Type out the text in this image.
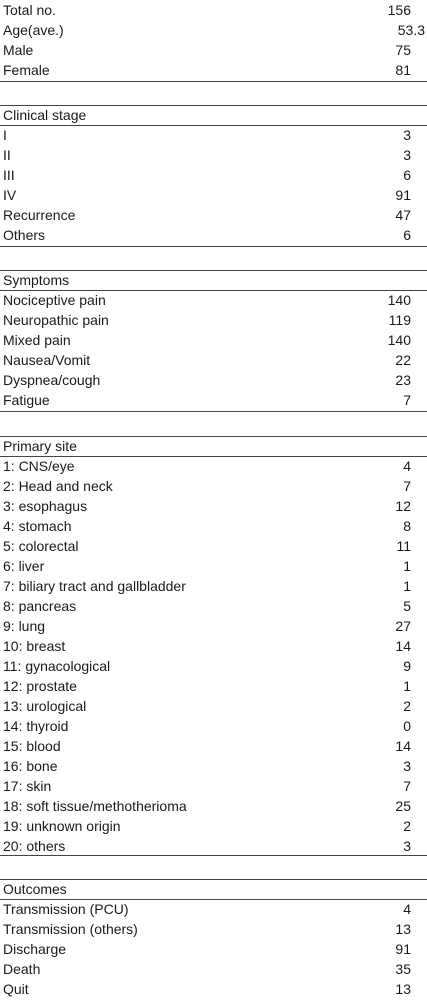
Total no.	156
Age(ave.)	53.3
Male	75
Female	81
Clinical stage
I	3
II	3
III	6
IV	91
Recurrence	47
Others	6
Symptoms
Nociceptive pain	140
Neuropathic pain	119
Mixed pain	140
Nausea/Vomit	22
Dyspnea/cough	23
Fatigue	7
Primary site
1: CNS/eye	4
2: Head and neck	7
3: esophagus	12
4: stomach	8
5: colorectal	11
6: liver	1
7: biliary tract and gallbladder	1
8: pancreas	5
9: lung	27
10: breast	14
11: gynacological	9
12: prostate	1
13: urological	2
14: thyroid	0
15: blood	14
16: bone	3
17: skin	7
18: soft tissue/methotherioma	25
19: unknown origin	2
20: others	3
Outcomes
Transmission (PCU)	4
Transmission (others)	13
Discharge	91
Death	35
Quit	13
